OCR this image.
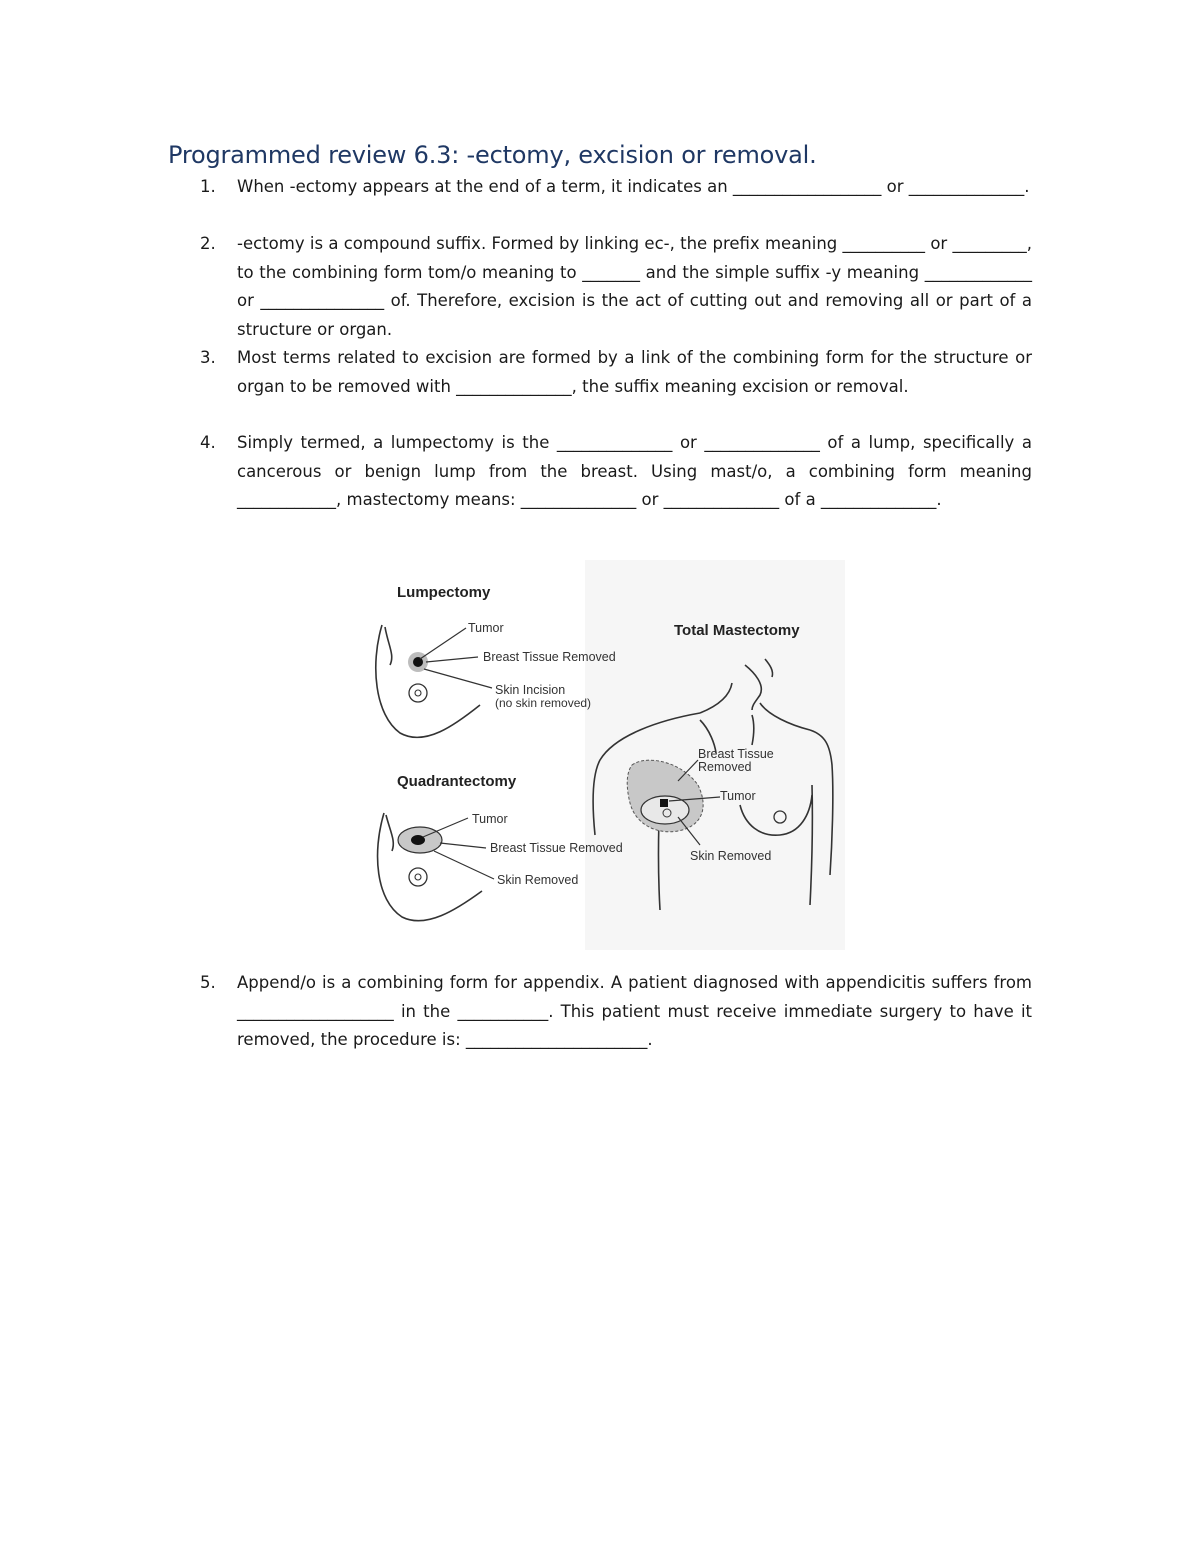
Programmed review 6.3: -ectomy, excision or removal.
1.	When -ectomy appears at the end of a term, it indicates an __________________ or ______________.
2.	-ectomy is a compound suffix. Formed by linking ec-, the prefix meaning __________ or _________, to the combining form tom/o meaning to _______ and the simple suffix -y meaning _____________ or _______________ of. Therefore, excision is the act of cutting out and removing all or part of a structure or organ.
3.	Most terms related to excision are formed by a link of the combining form for the structure or organ to be removed with ______________, the suffix meaning excision or removal.
4.	Simply termed, a lumpectomy is the ______________ or ______________ of a lump, specifically a cancerous or benign lump from the breast. Using mast/o, a combining form meaning ____________, mastectomy means: ______________ or ______________ of a ______________.
Lumpectomy
Tumor
Breast Tissue Removed
Skin Incision
(no skin removed)
Quadrantectomy
Tumor
Breast Tissue Removed
Skin Removed
Total Mastectomy
Breast Tissue
Removed
Tumor
Skin Removed
5.	Append/o is a combining form for appendix. A patient diagnosed with appendicitis suffers from ___________________ in the ___________. This patient must receive immediate surgery to have it removed, the procedure is: ______________________.
